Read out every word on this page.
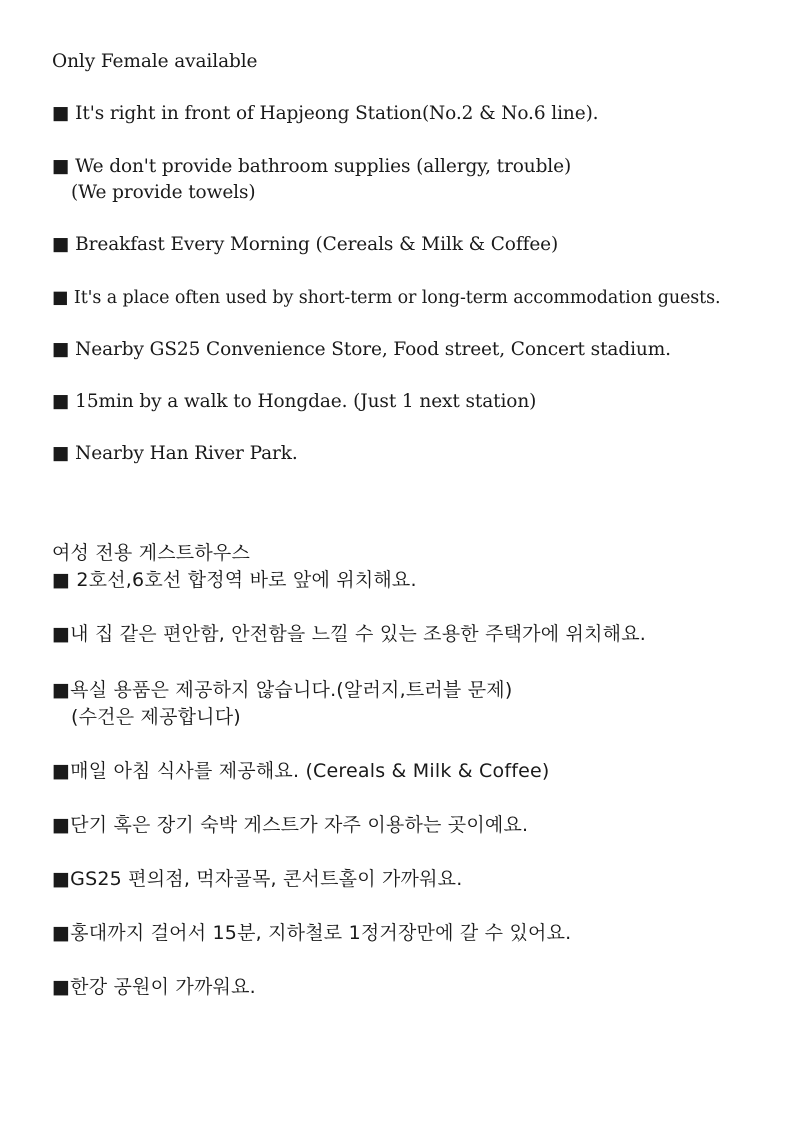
Only Female available
■ It's right in front of Hapjeong Station(No.2 & No.6 line).
■ We don't provide bathroom supplies (allergy, trouble)
(We provide towels)
■ Breakfast Every Morning (Cereals & Milk & Coffee)
■ It's a place often used by short-term or long-term accommodation guests.
■ Nearby GS25 Convenience Store, Food street, Concert stadium.
■ 15min by a walk to Hongdae. (Just 1 next station)
■ Nearby Han River Park.
여성 전용 게스트하우스
■ 2호선,6호선 합정역 바로 앞에 위치해요.
■내 집 같은 편안함, 안전함을 느낄 수 있는 조용한 주택가에 위치해요.
■욕실 용품은 제공하지 않습니다.(알러지,트러블 문제)
(수건은 제공합니다)
■매일 아침 식사를 제공해요. (Cereals & Milk & Coffee)
■단기 혹은 장기 숙박 게스트가 자주 이용하는 곳이예요.
■GS25 편의점, 먹자골목, 콘서트홀이 가까워요.
■홍대까지 걸어서 15분, 지하철로 1정거장만에 갈 수 있어요.
■한강 공원이 가까워요.
